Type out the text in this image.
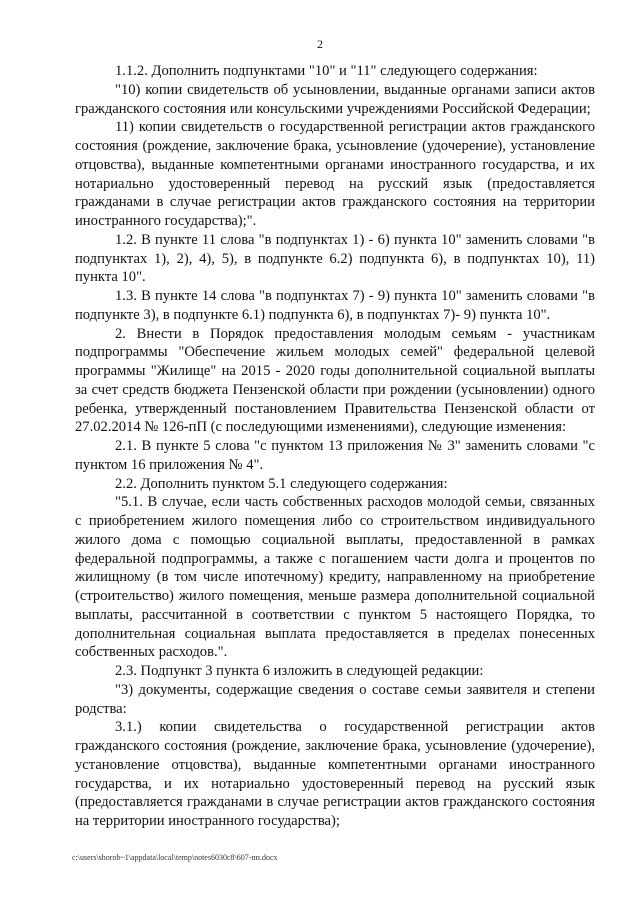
2

1.1.2. Дополнить подпунктами "10" и "11" следующего содержания:

"10) копии свидетельств об усыновлении, выданные органами записи актов гражданского состояния или консульскими учреждениями Российской Федерации;

11) копии свидетельств о государственной регистрации актов гражданского состояния (рождение, заключение брака, усыновление (удочерение), установление отцовства), выданные компетентными органами иностранного государства, и их нотариально удостоверенный перевод на русский язык (предоставляется гражданами в случае регистрации актов гражданского состояния на территории иностранного государства);".

1.2. В пункте 11 слова "в подпунктах 1) - 6) пункта 10" заменить словами "в подпунктах 1), 2), 4), 5), в подпункте 6.2) подпункта 6), в подпунктах 10), 11) пункта 10".

1.3. В пункте 14 слова "в подпунктах 7) - 9) пункта 10" заменить словами "в подпункте 3), в подпункте 6.1) подпункта 6), в подпунктах 7)- 9) пункта 10".

2. Внести в Порядок предоставления молодым семьям - участникам подпрограммы "Обеспечение жильем молодых семей" федеральной целевой программы "Жилище" на 2015 - 2020 годы дополнительной социальной выплаты за счет средств бюджета Пензенской области при рождении (усыновлении) одного ребенка, утвержденный постановлением Правительства Пензенской области от 27.02.2014 № 126-пП (с последующими изменениями), следующие изменения:

2.1. В пункте 5 слова "с пунктом 13 приложения № 3" заменить словами "с пунктом 16 приложения № 4".

2.2. Дополнить пунктом 5.1 следующего содержания:

"5.1. В случае, если часть собственных расходов молодой семьи, связанных с приобретением жилого помещения либо со строительством индивидуального жилого дома с помощью социальной выплаты, предоставленной в рамках федеральной подпрограммы, а также с погашением части долга и процентов по жилищному (в том числе ипотечному) кредиту, направленному на приобретение (строительство) жилого помещения, меньше размера дополнительной социальной выплаты, рассчитанной в соответствии с пунктом 5 настоящего Порядка, то дополнительная социальная выплата предоставляется в пределах понесенных собственных расходов.".

2.3. Подпункт 3 пункта 6 изложить в следующей редакции:

"3) документы, содержащие сведения о составе семьи заявителя и степени родства:

3.1.) копии свидетельства о государственной регистрации актов гражданского состояния (рождение, заключение брака, усыновление (удочерение), установление отцовства), выданные компетентными органами иностранного государства, и их нотариально удостоверенный перевод на русский язык (предоставляется гражданами в случае регистрации актов гражданского состояния на территории иностранного государства);

c:\users\shorob~1\appdata\local\temp\notes6030c8\607-пп.docx
